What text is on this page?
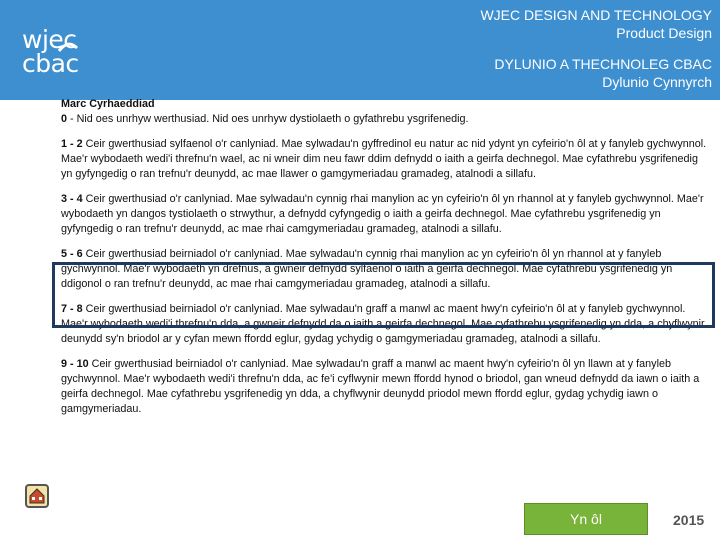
wjec
cbac
WJEC DESIGN AND TECHNOLOGY
Product Design
DYLUNIO A THECHNOLEG CBAC
Dylunio Cynnyrch
Marc Cyrhaeddiad
0 - Nid oes unrhyw werthusiad. Nid oes unrhyw dystiolaeth o gyfathrebu ysgrifenedig.
1 - 2 Ceir gwerthusiad sylfaenol o'r canlyniad. Mae sylwadau'n gyffredinol eu natur ac nid ydynt yn cyfeirio'n ôl at y fanyleb gychwynnol. Mae'r wybodaeth wedi'i threfnu'n wael, ac ni wneir dim neu fawr ddim defnydd o iaith a geirfa dechnegol. Mae cyfathrebu ysgrifenedig yn gyfyngedig o ran trefnu'r deunydd, ac mae llawer o gamgymeriadau gramadeg, atalnodi a sillafu.
3 - 4 Ceir gwerthusiad o'r canlyniad. Mae sylwadau'n cynnig rhai manylion ac yn cyfeirio'n ôl yn rhannol at y fanyleb gychwynnol. Mae'r wybodaeth yn dangos tystiolaeth o strwythur, a defnydd cyfyngedig o iaith a geirfa dechnegol. Mae cyfathrebu ysgrifenedig yn gyfyngedig o ran trefnu'r deunydd, ac mae rhai camgymeriadau gramadeg, atalnodi a sillafu.
5 - 6 Ceir gwerthusiad beirniadol o'r canlyniad. Mae sylwadau'n cynnig rhai manylion ac yn cyfeirio'n ôl yn rhannol at y fanyleb gychwynnol. Mae'r wybodaeth yn drefnus, a gwneir defnydd sylfaenol o iaith a geirfa dechnegol. Mae cyfathrebu ysgrifenedig yn ddigonol o ran trefnu'r deunydd, ac mae rhai camgymeriadau gramadeg, atalnodi a sillafu.
7 - 8 Ceir gwerthusiad beirniadol o'r canlyniad. Mae sylwadau'n graff a manwl ac maent hwy'n cyfeirio'n ôl at y fanyleb gychwynnol. Mae'r wybodaeth wedi'i threfnu'n dda, a gwneir defnydd da o iaith a geirfa dechnegol. Mae cyfathrebu ysgrifenedig yn dda, a chyflwynir deunydd sy'n briodol ar y cyfan mewn ffordd eglur, gydag ychydig o gamgymeriadau gramadeg, atalnodi a sillafu.
9 - 10 Ceir gwerthusiad beirniadol o'r canlyniad. Mae sylwadau'n graff a manwl ac maent hwy'n cyfeirio'n ôl yn llawn at y fanyleb gychwynnol. Mae'r wybodaeth wedi'i threfnu'n dda, ac fe'i cyflwynir mewn ffordd hynod o briodol, gan wneud defnydd da iawn o iaith a geirfa dechnegol. Mae cyfathrebu ysgrifenedig yn dda, a chyflwynir deunydd priodol mewn ffordd eglur, gydag ychydig iawn o gamgymeriadau.
Yn ôl	2015
